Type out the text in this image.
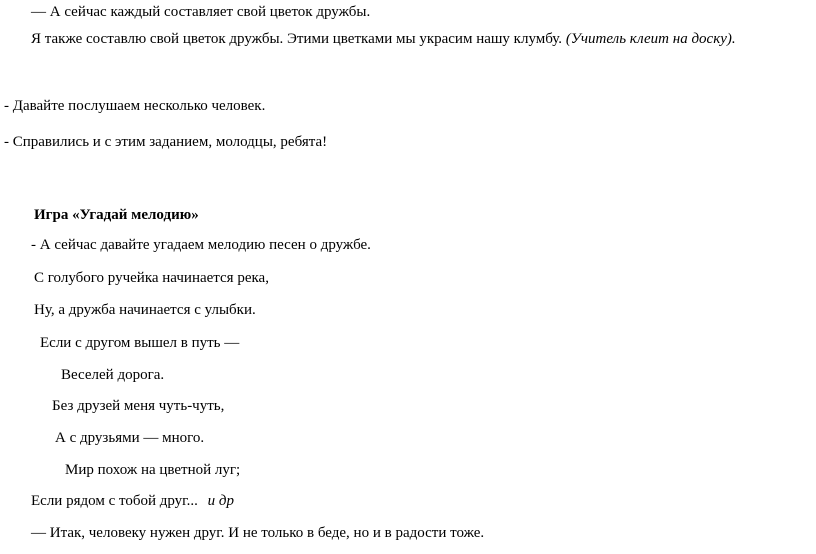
— А сейчас каждый составляет свой цветок дружбы.
Я также составлю свой цветок дружбы. Этими цветками мы украсим нашу клумбу. (Учитель клеит на доску).
- Давайте послушаем несколько человек.
- Справились и с этим заданием, молодцы, ребята!
Игра «Угадай мелодию»
- А сейчас давайте угадаем мелодию песен о дружбе.
С голубого ручейка начинается река,
Ну, а дружба начинается с улыбки.
Если с другом вышел в путь —
Веселей дорога.
Без друзей меня чуть-чуть,
А с друзьями — много.
Мир похож на цветной луг;
Если рядом с тобой друг... и др
— Итак, человеку нужен друг. И не только в беде, но и в радости тоже.
